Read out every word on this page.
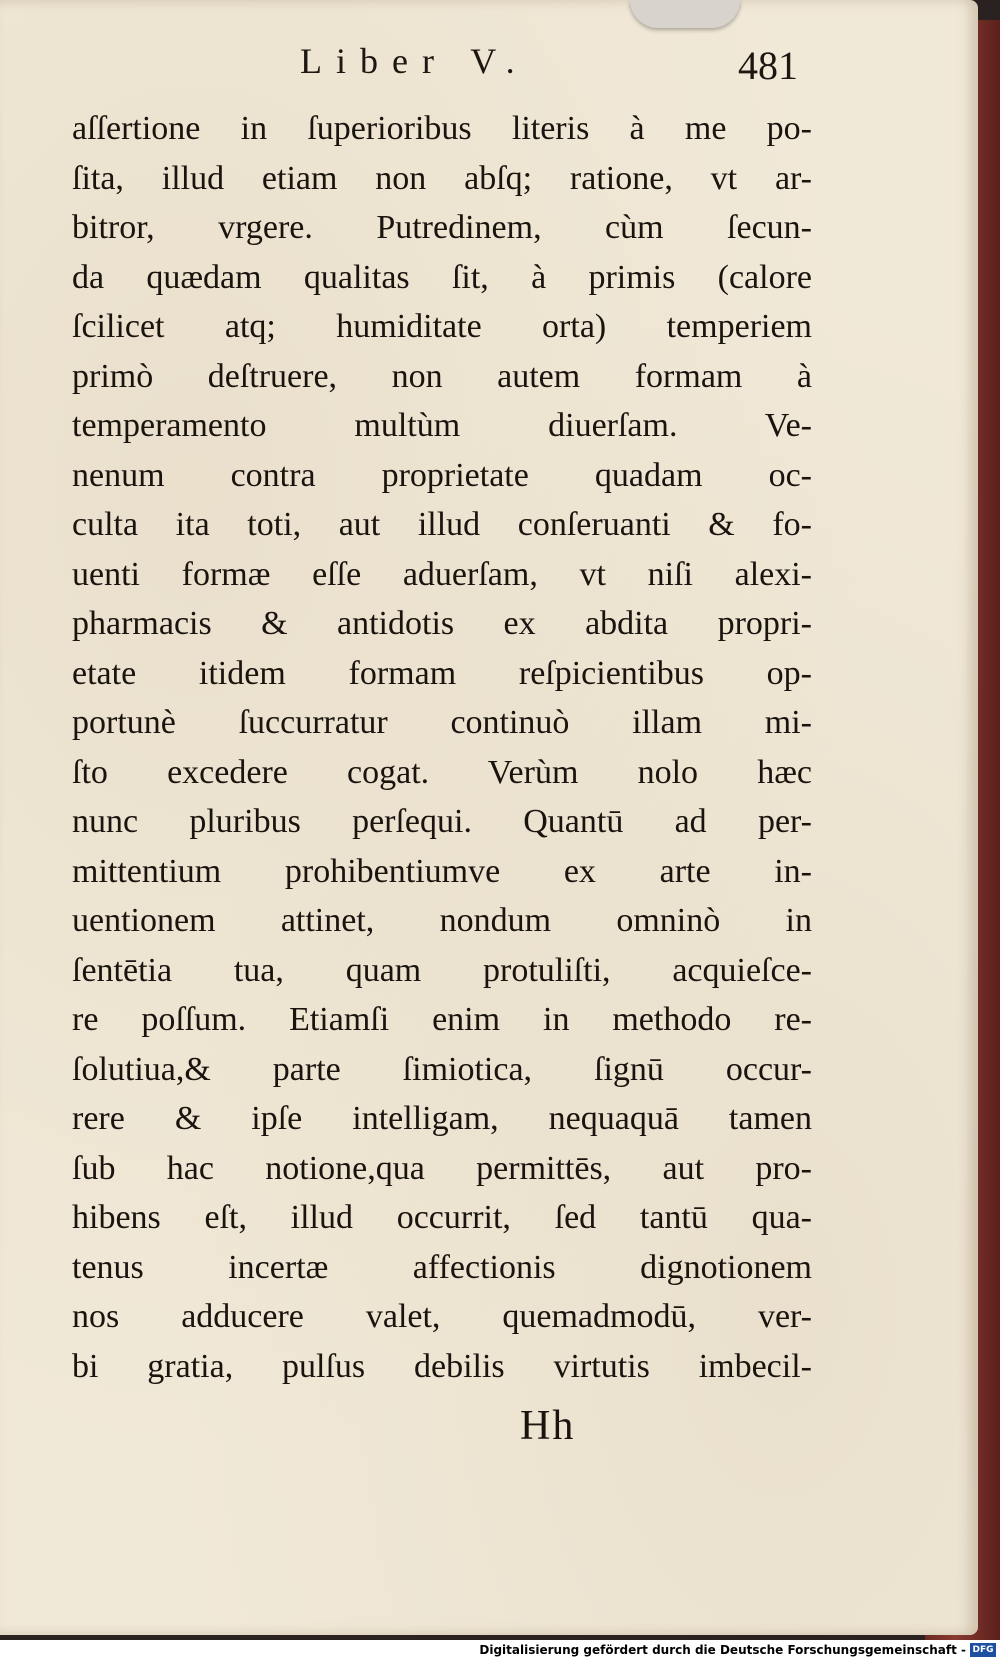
Liber V.	481
aſſertione in ſuperioribus literis à me po-
ſita, illud etiam non abſq; ratione, vt ar-
bitror, vrgere. Putredinem, cùm ſecun-
da quædam qualitas ſit, à primis (calore
ſcilicet atq; humiditate orta) temperiem
primò deſtruere, non autem formam à
temperamento multùm diuerſam. Ve-
nenum contra proprietate quadam oc-
culta ita toti, aut illud conſeruanti & fo-
uenti formæ eſſe aduerſam, vt niſi alexi-
pharmacis & antidotis ex abdita propri-
etate itidem formam reſpicientibus op-
portunè ſuccurratur continuò illam mi-
ſto excedere cogat. Verùm nolo hæc
nunc pluribus perſequi. Quantū ad per-
mittentium prohibentiumve ex arte in-
uentionem attinet, nondum omninò in
ſentētia tua, quam protuliſti, acquieſce-
re poſſum. Etiamſi enim in methodo re-
ſolutiua,& parte ſimiotica, ſignū occur-
rere & ipſe intelligam, nequaquā tamen
ſub hac notione,qua permittēs, aut pro-
hibens eſt, illud occurrit, ſed tantū qua-
tenus incertæ affectionis dignotionem
nos adducere valet, quemadmodū, ver-
bi gratia, pulſus debilis virtutis imbecil-
Hh
Digitalisierung gefördert durch die Deutsche Forschungsgemeinschaft - DFG
